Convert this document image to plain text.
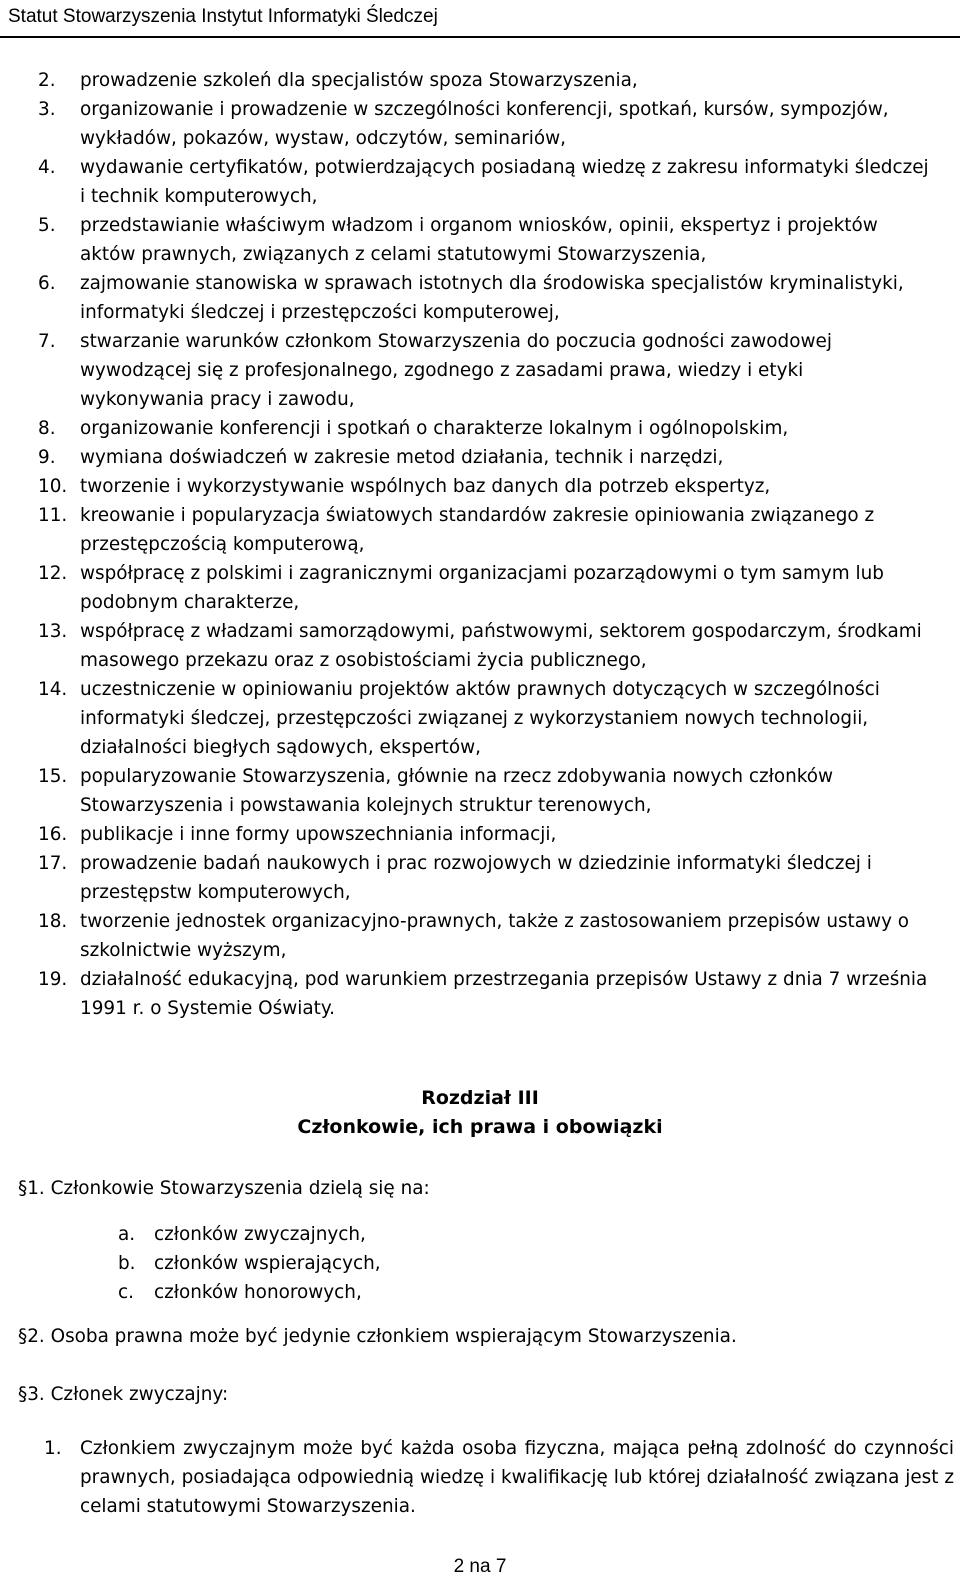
Statut Stowarzyszenia Instytut Informatyki Śledczej
2. prowadzenie szkoleń dla specjalistów spoza Stowarzyszenia,
3. organizowanie i prowadzenie w szczególności konferencji, spotkań, kursów, sympozjów, wykładów, pokazów, wystaw, odczytów, seminariów,
4. wydawanie certyfikatów, potwierdzających posiadaną wiedzę z zakresu informatyki śledczej i technik komputerowych,
5. przedstawianie właściwym władzom i organom wniosków, opinii, ekspertyz i projektów aktów prawnych, związanych z celami statutowymi Stowarzyszenia,
6. zajmowanie stanowiska w sprawach istotnych dla środowiska specjalistów kryminalistyki, informatyki śledczej i przestępczości komputerowej,
7. stwarzanie warunków członkom Stowarzyszenia do poczucia godności zawodowej wywodzącej się z profesjonalnego, zgodnego z zasadami prawa, wiedzy i etyki wykonywania pracy i zawodu,
8. organizowanie konferencji i spotkań o charakterze lokalnym i ogólnopolskim,
9. wymiana doświadczeń w zakresie metod działania, technik i narzędzi,
10. tworzenie i wykorzystywanie wspólnych baz danych dla potrzeb ekspertyz,
11. kreowanie i popularyzacja światowych standardów zakresie opiniowania związanego z przestępczością komputerową,
12. współpracę z polskimi i zagranicznymi organizacjami pozarządowymi o tym samym lub podobnym charakterze,
13. współpracę z władzami samorządowymi, państwowymi, sektorem gospodarczym, środkami masowego przekazu oraz z osobistościami życia publicznego,
14. uczestniczenie w opiniowaniu projektów aktów prawnych dotyczących w szczególności informatyki śledczej, przestępczości związanej z wykorzystaniem nowych technologii, działalności biegłych sądowych, ekspertów,
15. popularyzowanie Stowarzyszenia, głównie na rzecz zdobywania nowych członków Stowarzyszenia i powstawania kolejnych struktur terenowych,
16. publikacje i inne formy upowszechniania informacji,
17. prowadzenie badań naukowych i prac rozwojowych w dziedzinie informatyki śledczej i przestępstw komputerowych,
18. tworzenie jednostek organizacyjno-prawnych, także z zastosowaniem przepisów ustawy o szkolnictwie wyższym,
19. działalność edukacyjną, pod warunkiem przestrzegania przepisów Ustawy z dnia 7 września 1991 r. o Systemie Oświaty.
Rozdział III
Członkowie, ich prawa i obowiązki
§1. Członkowie Stowarzyszenia dzielą się na:
a. członków zwyczajnych,
b. członków wspierających,
c. członków honorowych,
§2. Osoba prawna może być jedynie członkiem wspierającym Stowarzyszenia.
§3. Członek zwyczajny:
1. Członkiem zwyczajnym może być każda osoba fizyczna, mająca pełną zdolność do czynności prawnych, posiadająca odpowiednią wiedzę i kwalifikację lub której działalność związana jest z celami statutowymi Stowarzyszenia.
2 na 7
